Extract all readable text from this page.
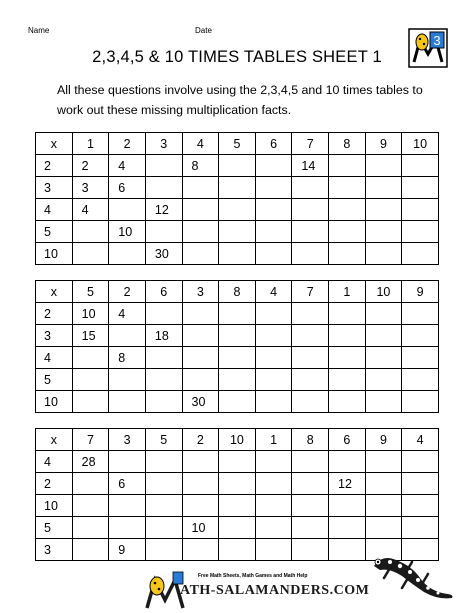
Name	Date
2,3,4,5 & 10 TIMES TABLES SHEET 1
3
All these questions involve using the 2,3,4,5 and 10 times tables to work out these missing multiplication facts.
x	1	2	3	4	5	6	7	8	9	10
2	2	4		8			14			
3	3	6								
4	4		12							
5		10								
10			30							
x	5	2	6	3	8	4	7	1	10	9
2	10	4								
3	15		18							
4		8								
5										
10				30						
x	7	3	5	2	10	1	8	6	9	4
4	28									
2		6						12		
10										
5				10						
3		9								
Free Math Sheets, Math Games and Math Help
ATH-SALAMANDERS.COM
